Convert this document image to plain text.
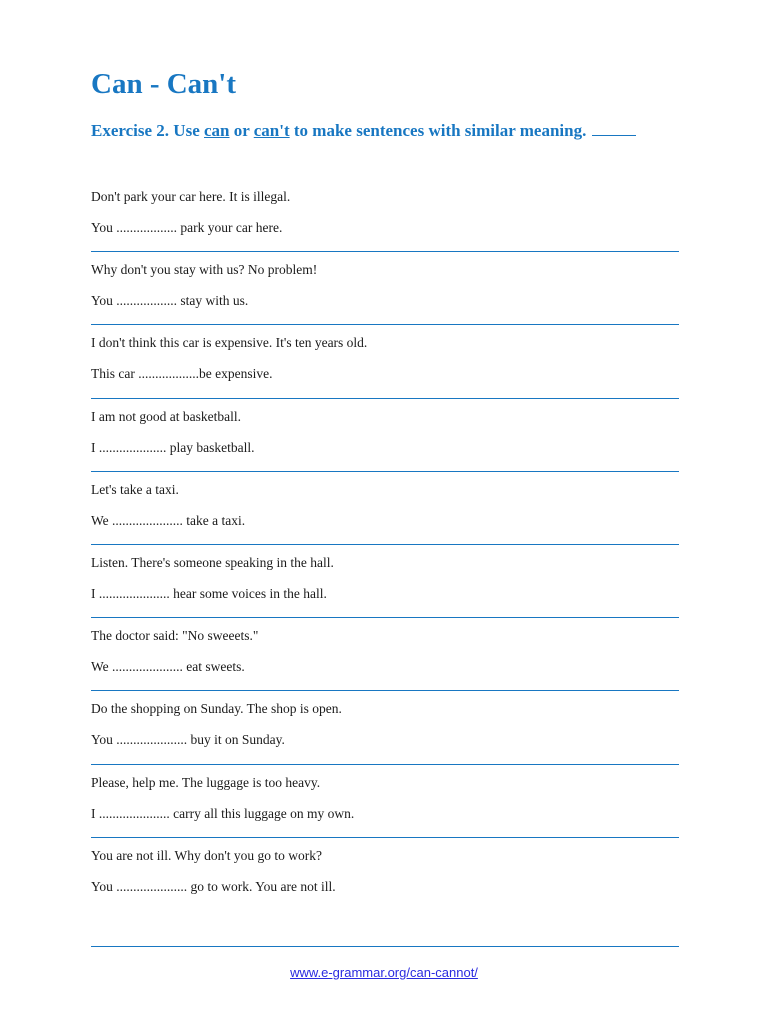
Can - Can't
Exercise 2. Use can or can't to make sentences with similar meaning.
Don't park your car here. It is illegal.
You .................. park your car here.
Why don't you stay with us? No problem!
You .................. stay with us.
I don't think this car is expensive. It's ten years old.
This car ..................be expensive.
I am not good at basketball.
I .................... play basketball.
Let's take a taxi.
We ..................... take a taxi.
Listen. There's someone speaking in the hall.
I ..................... hear some voices in the hall.
The doctor said: "No sweeets."
We ..................... eat sweets.
Do the shopping on Sunday. The shop is open.
You ..................... buy it on Sunday.
Please, help me. The luggage is too heavy.
I ..................... carry all this luggage on my own.
You are not ill. Why don't you go to work?
You ..................... go to work. You are not ill.
www.e-grammar.org/can-cannot/
